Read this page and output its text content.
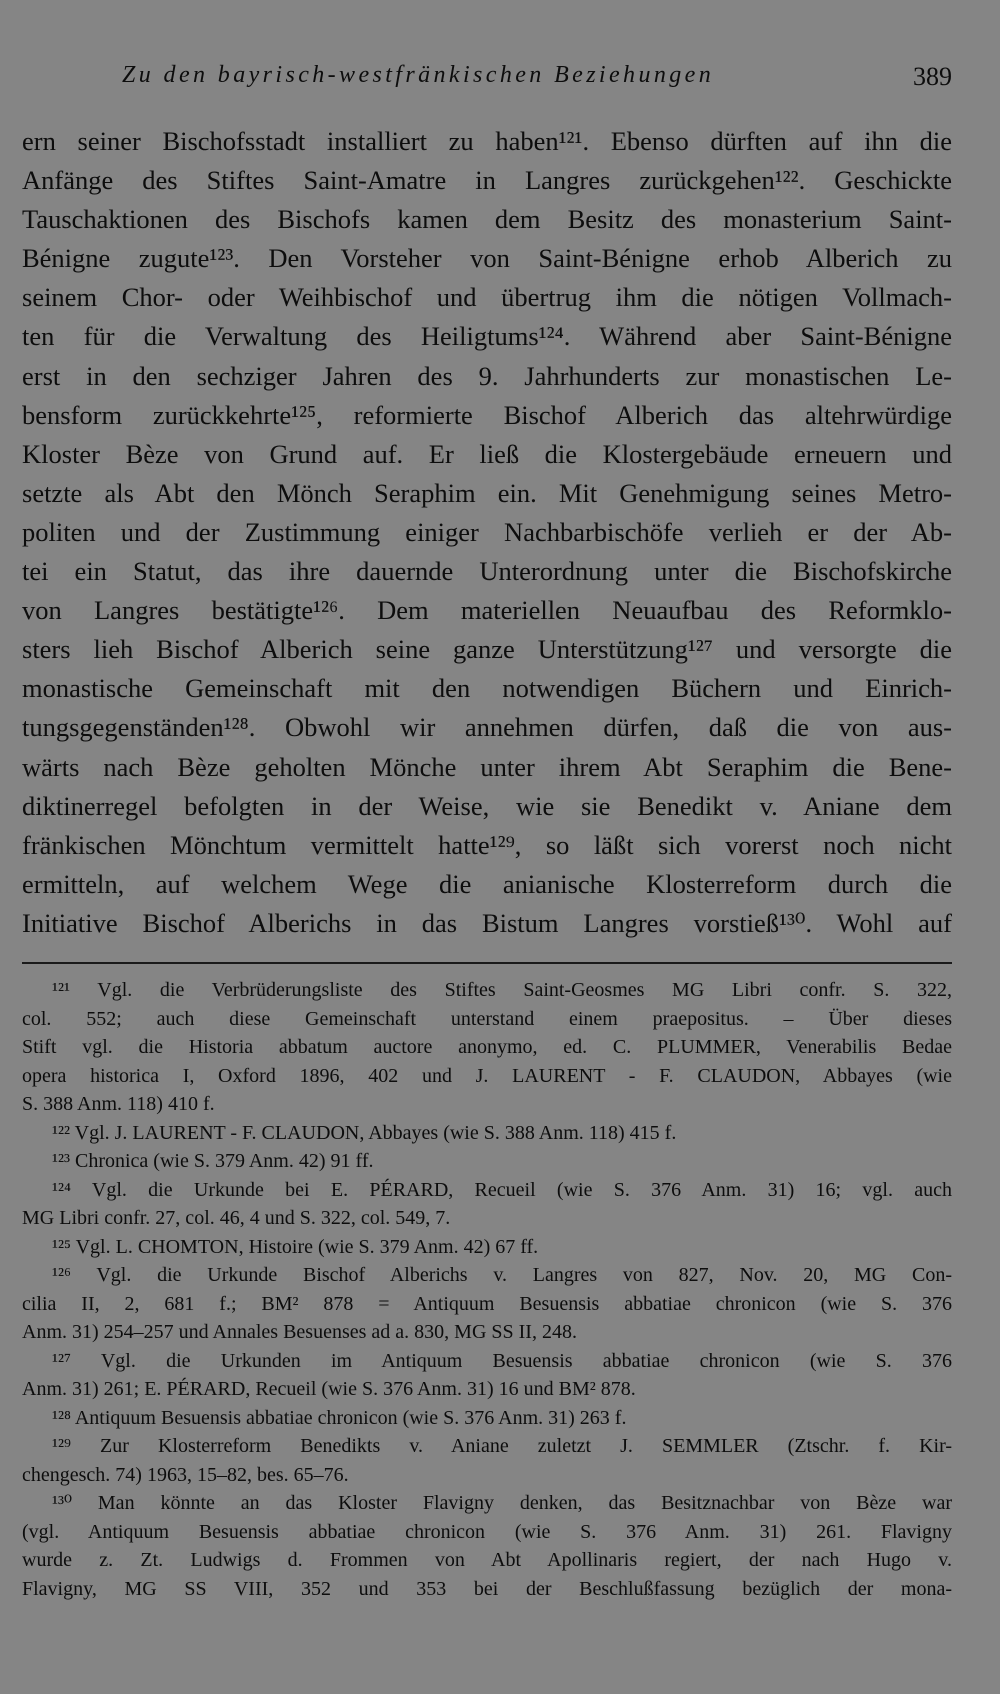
Zu den bayrisch-westfränkischen Beziehungen	389
ern seiner Bischofsstadt installiert zu haben¹²¹. Ebenso dürften auf ihn die
Anfänge des Stiftes Saint-Amatre in Langres zurückgehen¹²². Geschickte
Tauschaktionen des Bischofs kamen dem Besitz des monasterium Saint-
Bénigne zugute¹²³. Den Vorsteher von Saint-Bénigne erhob Alberich zu
seinem Chor- oder Weihbischof und übertrug ihm die nötigen Vollmach-
ten für die Verwaltung des Heiligtums¹²⁴. Während aber Saint-Bénigne
erst in den sechziger Jahren des 9. Jahrhunderts zur monastischen Le-
bensform zurückkehrte¹²⁵, reformierte Bischof Alberich das altehrwürdige
Kloster Bèze von Grund auf. Er ließ die Klostergebäude erneuern und
setzte als Abt den Mönch Seraphim ein. Mit Genehmigung seines Metro-
politen und der Zustimmung einiger Nachbarbischöfe verlieh er der Ab-
tei ein Statut, das ihre dauernde Unterordnung unter die Bischofskirche
von Langres bestätigte¹²⁶. Dem materiellen Neuaufbau des Reformklo-
sters lieh Bischof Alberich seine ganze Unterstützung¹²⁷ und versorgte die
monastische Gemeinschaft mit den notwendigen Büchern und Einrich-
tungsgegenständen¹²⁸. Obwohl wir annehmen dürfen, daß die von aus-
wärts nach Bèze geholten Mönche unter ihrem Abt Seraphim die Bene-
diktinerregel befolgten in der Weise, wie sie Benedikt v. Aniane dem
fränkischen Mönchtum vermittelt hatte¹²⁹, so läßt sich vorerst noch nicht
ermitteln, auf welchem Wege die anianische Klosterreform durch die
Initiative Bischof Alberichs in das Bistum Langres vorstieß¹³⁰. Wohl auf
¹²¹ Vgl. die Verbrüderungsliste des Stiftes Saint-Geosmes MG Libri confr. S. 322,
col. 552; auch diese Gemeinschaft unterstand einem praepositus. – Über dieses
Stift vgl. die Historia abbatum auctore anonymo, ed. C. PLUMMER, Venerabilis Bedae
opera historica I, Oxford 1896, 402 und J. LAURENT - F. CLAUDON, Abbayes (wie
S. 388 Anm. 118) 410 f.
¹²² Vgl. J. LAURENT - F. CLAUDON, Abbayes (wie S. 388 Anm. 118) 415 f.
¹²³ Chronica (wie S. 379 Anm. 42) 91 ff.
¹²⁴ Vgl. die Urkunde bei E. PÉRARD, Recueil (wie S. 376 Anm. 31) 16; vgl. auch
MG Libri confr. 27, col. 46, 4 und S. 322, col. 549, 7.
¹²⁵ Vgl. L. CHOMTON, Histoire (wie S. 379 Anm. 42) 67 ff.
¹²⁶ Vgl. die Urkunde Bischof Alberichs v. Langres von 827, Nov. 20, MG Con-
cilia II, 2, 681 f.; BM² 878 = Antiquum Besuensis abbatiae chronicon (wie S. 376
Anm. 31) 254–257 und Annales Besuenses ad a. 830, MG SS II, 248.
¹²⁷ Vgl. die Urkunden im Antiquum Besuensis abbatiae chronicon (wie S. 376
Anm. 31) 261; E. PÉRARD, Recueil (wie S. 376 Anm. 31) 16 und BM² 878.
¹²⁸ Antiquum Besuensis abbatiae chronicon (wie S. 376 Anm. 31) 263 f.
¹²⁹ Zur Klosterreform Benedikts v. Aniane zuletzt J. SEMMLER (Ztschr. f. Kir-
chengesch. 74) 1963, 15–82, bes. 65–76.
¹³⁰ Man könnte an das Kloster Flavigny denken, das Besitznachbar von Bèze war
(vgl. Antiquum Besuensis abbatiae chronicon (wie S. 376 Anm. 31) 261. Flavigny
wurde z. Zt. Ludwigs d. Frommen von Abt Apollinaris regiert, der nach Hugo v.
Flavigny, MG SS VIII, 352 und 353 bei der Beschlußfassung bezüglich der mona-
